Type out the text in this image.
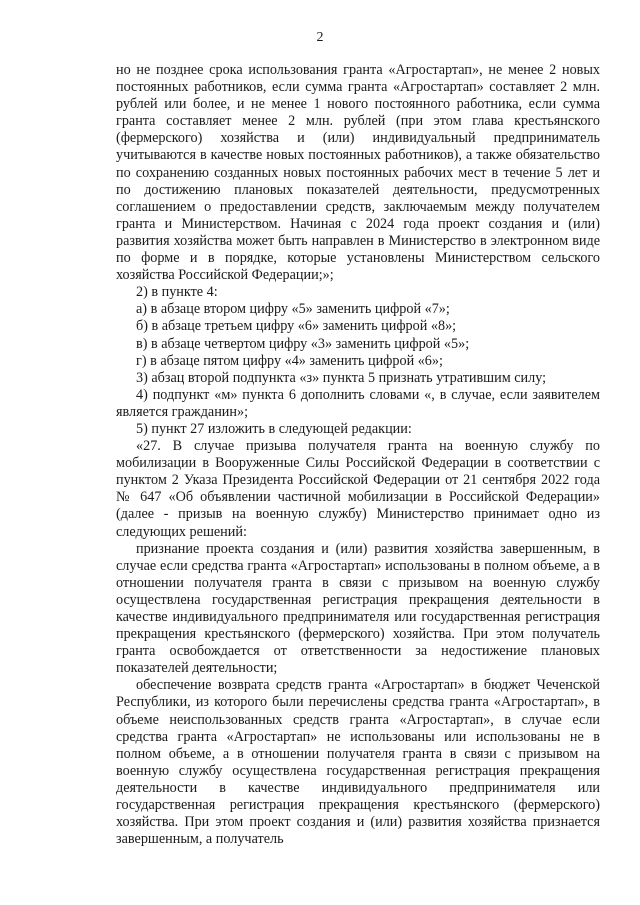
2

но не позднее срока использования гранта «Агростартап», не менее 2 новых постоянных работников, если сумма гранта «Агростартап» составляет 2 млн. рублей или более, и не менее 1 нового постоянного работника, если сумма гранта составляет менее 2 млн. рублей (при этом глава крестьянского (фермерского) хозяйства и (или) индивидуальный предприниматель учитываются в качестве новых постоянных работников), а также обязательство по сохранению созданных новых постоянных рабочих мест в течение 5 лет и по достижению плановых показателей деятельности, предусмотренных соглашением о предоставлении средств, заключаемым между получателем гранта и Министерством. Начиная с 2024 года проект создания и (или) развития хозяйства может быть направлен в Министерство в электронном виде по форме и в порядке, которые установлены Министерством сельского хозяйства Российской Федерации;»;

2) в пункте 4:

а) в абзаце втором цифру «5» заменить цифрой «7»;

б) в абзаце третьем цифру «6» заменить цифрой «8»;

в) в абзаце четвертом цифру «3» заменить цифрой «5»;

г) в абзаце пятом цифру «4» заменить цифрой «6»;

3) абзац второй подпункта «з» пункта 5 признать утратившим силу;

4) подпункт «м» пункта 6 дополнить словами «, в случае, если заявителем является гражданин»;

5) пункт 27 изложить в следующей редакции:

«27. В случае призыва получателя гранта на военную службу по мобилизации в Вооруженные Силы Российской Федерации в соответствии с пунктом 2 Указа Президента Российской Федерации от 21 сентября 2022 года № 647 «Об объявлении частичной мобилизации в Российской Федерации» (далее - призыв на военную службу) Министерство принимает одно из следующих решений:

признание проекта создания и (или) развития хозяйства завершенным, в случае если средства гранта «Агростартап» использованы в полном объеме, а в отношении получателя гранта в связи с призывом на военную службу осуществлена государственная регистрация прекращения деятельности в качестве индивидуального предпринимателя или государственная регистрация прекращения крестьянского (фермерского) хозяйства. При этом получатель гранта освобождается от ответственности за недостижение плановых показателей деятельности;

обеспечение возврата средств гранта «Агростартап» в бюджет Чеченской Республики, из которого были перечислены средства гранта «Агростартап», в объеме неиспользованных средств гранта «Агростартап», в случае если средства гранта «Агростартап» не использованы или использованы не в полном объеме, а в отношении получателя гранта в связи с призывом на военную службу осуществлена государственная регистрация прекращения деятельности в качестве индивидуального предпринимателя или государственная регистрация прекращения крестьянского (фермерского) хозяйства. При этом проект создания и (или) развития хозяйства признается завершенным, а получатель
